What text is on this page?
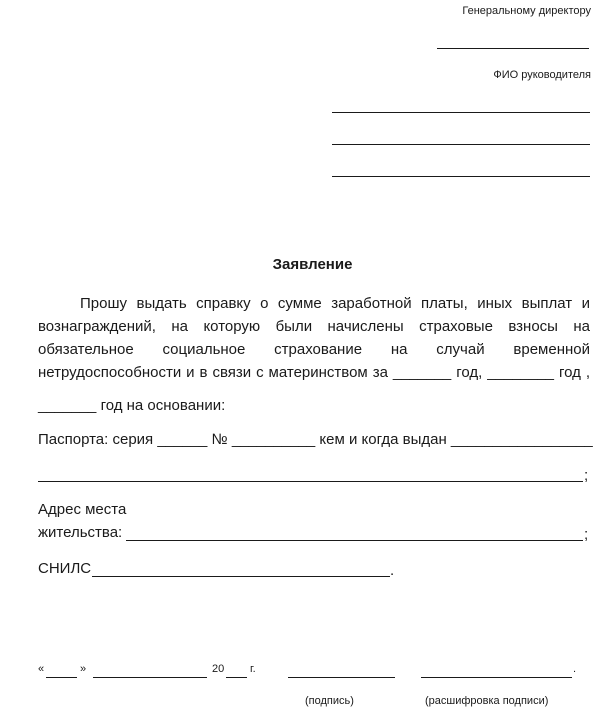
Генеральному директору
ФИО руководителя
Заявление
Прошу выдать справку о сумме заработной платы, иных выплат и
вознаграждений, на которую были начислены страховые взносы на
обязательное социальное страхование на случай временной
нетрудоспособности и в связи с материнством за _______ год, ________ год ,
_______ год на основании:
Паспорта: серия ______ № __________ кем и когда выдан _________________
;
Адрес места
жительства:	;
СНИЛС	.
«	»	20 г.	.
(подпись)	(расшифровка подписи)
